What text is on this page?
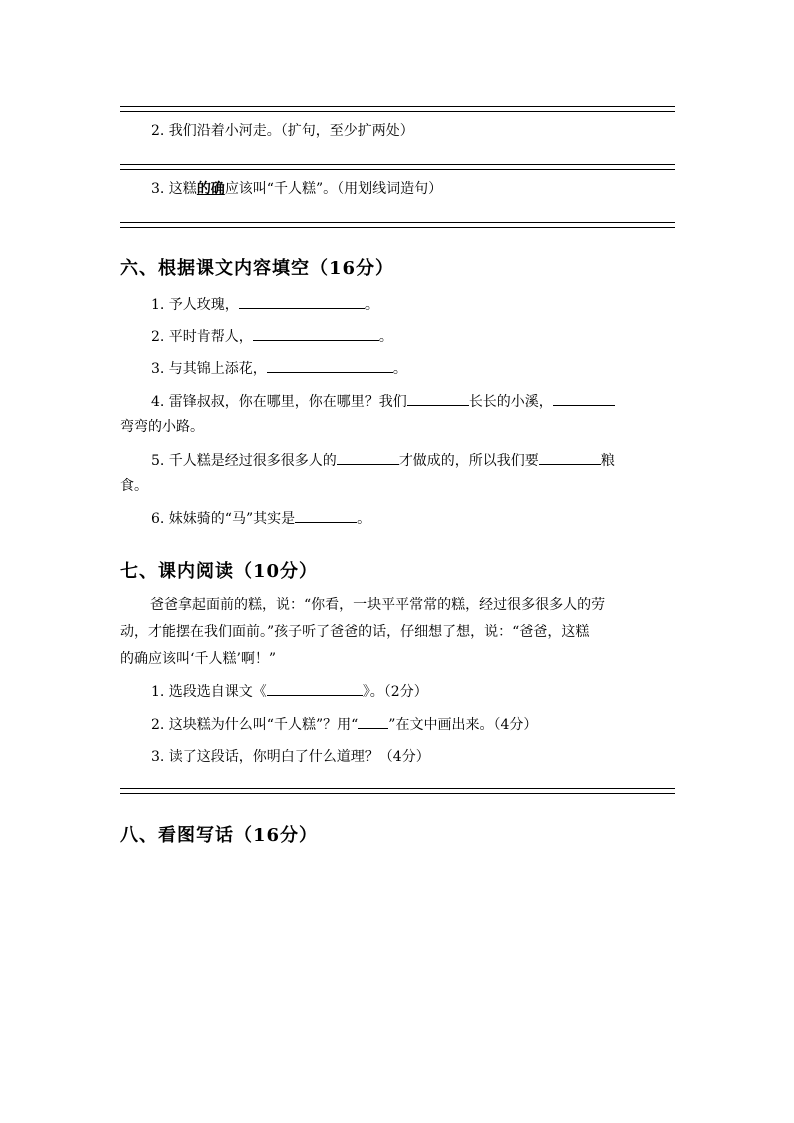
2. 我们沿着小河走。（扩句，至少扩两处）
3. 这糕的确应该叫“千人糕”。（用划线词造句）
六、根据课文内容填空（16分）
1. 予人玫瑰，	。
2. 平时肯帮人，	。
3. 与其锦上添花，	。
4. 雷锋叔叔，你在哪里，你在哪里？我们	长长的小溪，
弯弯的小路。
5. 千人糕是经过很多很多人的	才做成的，所以我们要	粮
食。
6. 妹妹骑的“马”其实是	。
七、课内阅读（10分）
爸爸拿起面前的糕，说：“你看，一块平平常常的糕，经过很多很多人的劳
动，才能摆在我们面前。”孩子听了爸爸的话，仔细想了想，说：“爸爸，这糕
的确应该叫‘千人糕’啊！”
1. 选段选自课文《	》。（2分）
2. 这块糕为什么叫“千人糕”？用“ ”在文中画出来。（4分）
3. 读了这段话，你明白了什么道理？（4分）
八、看图写话（16分）
